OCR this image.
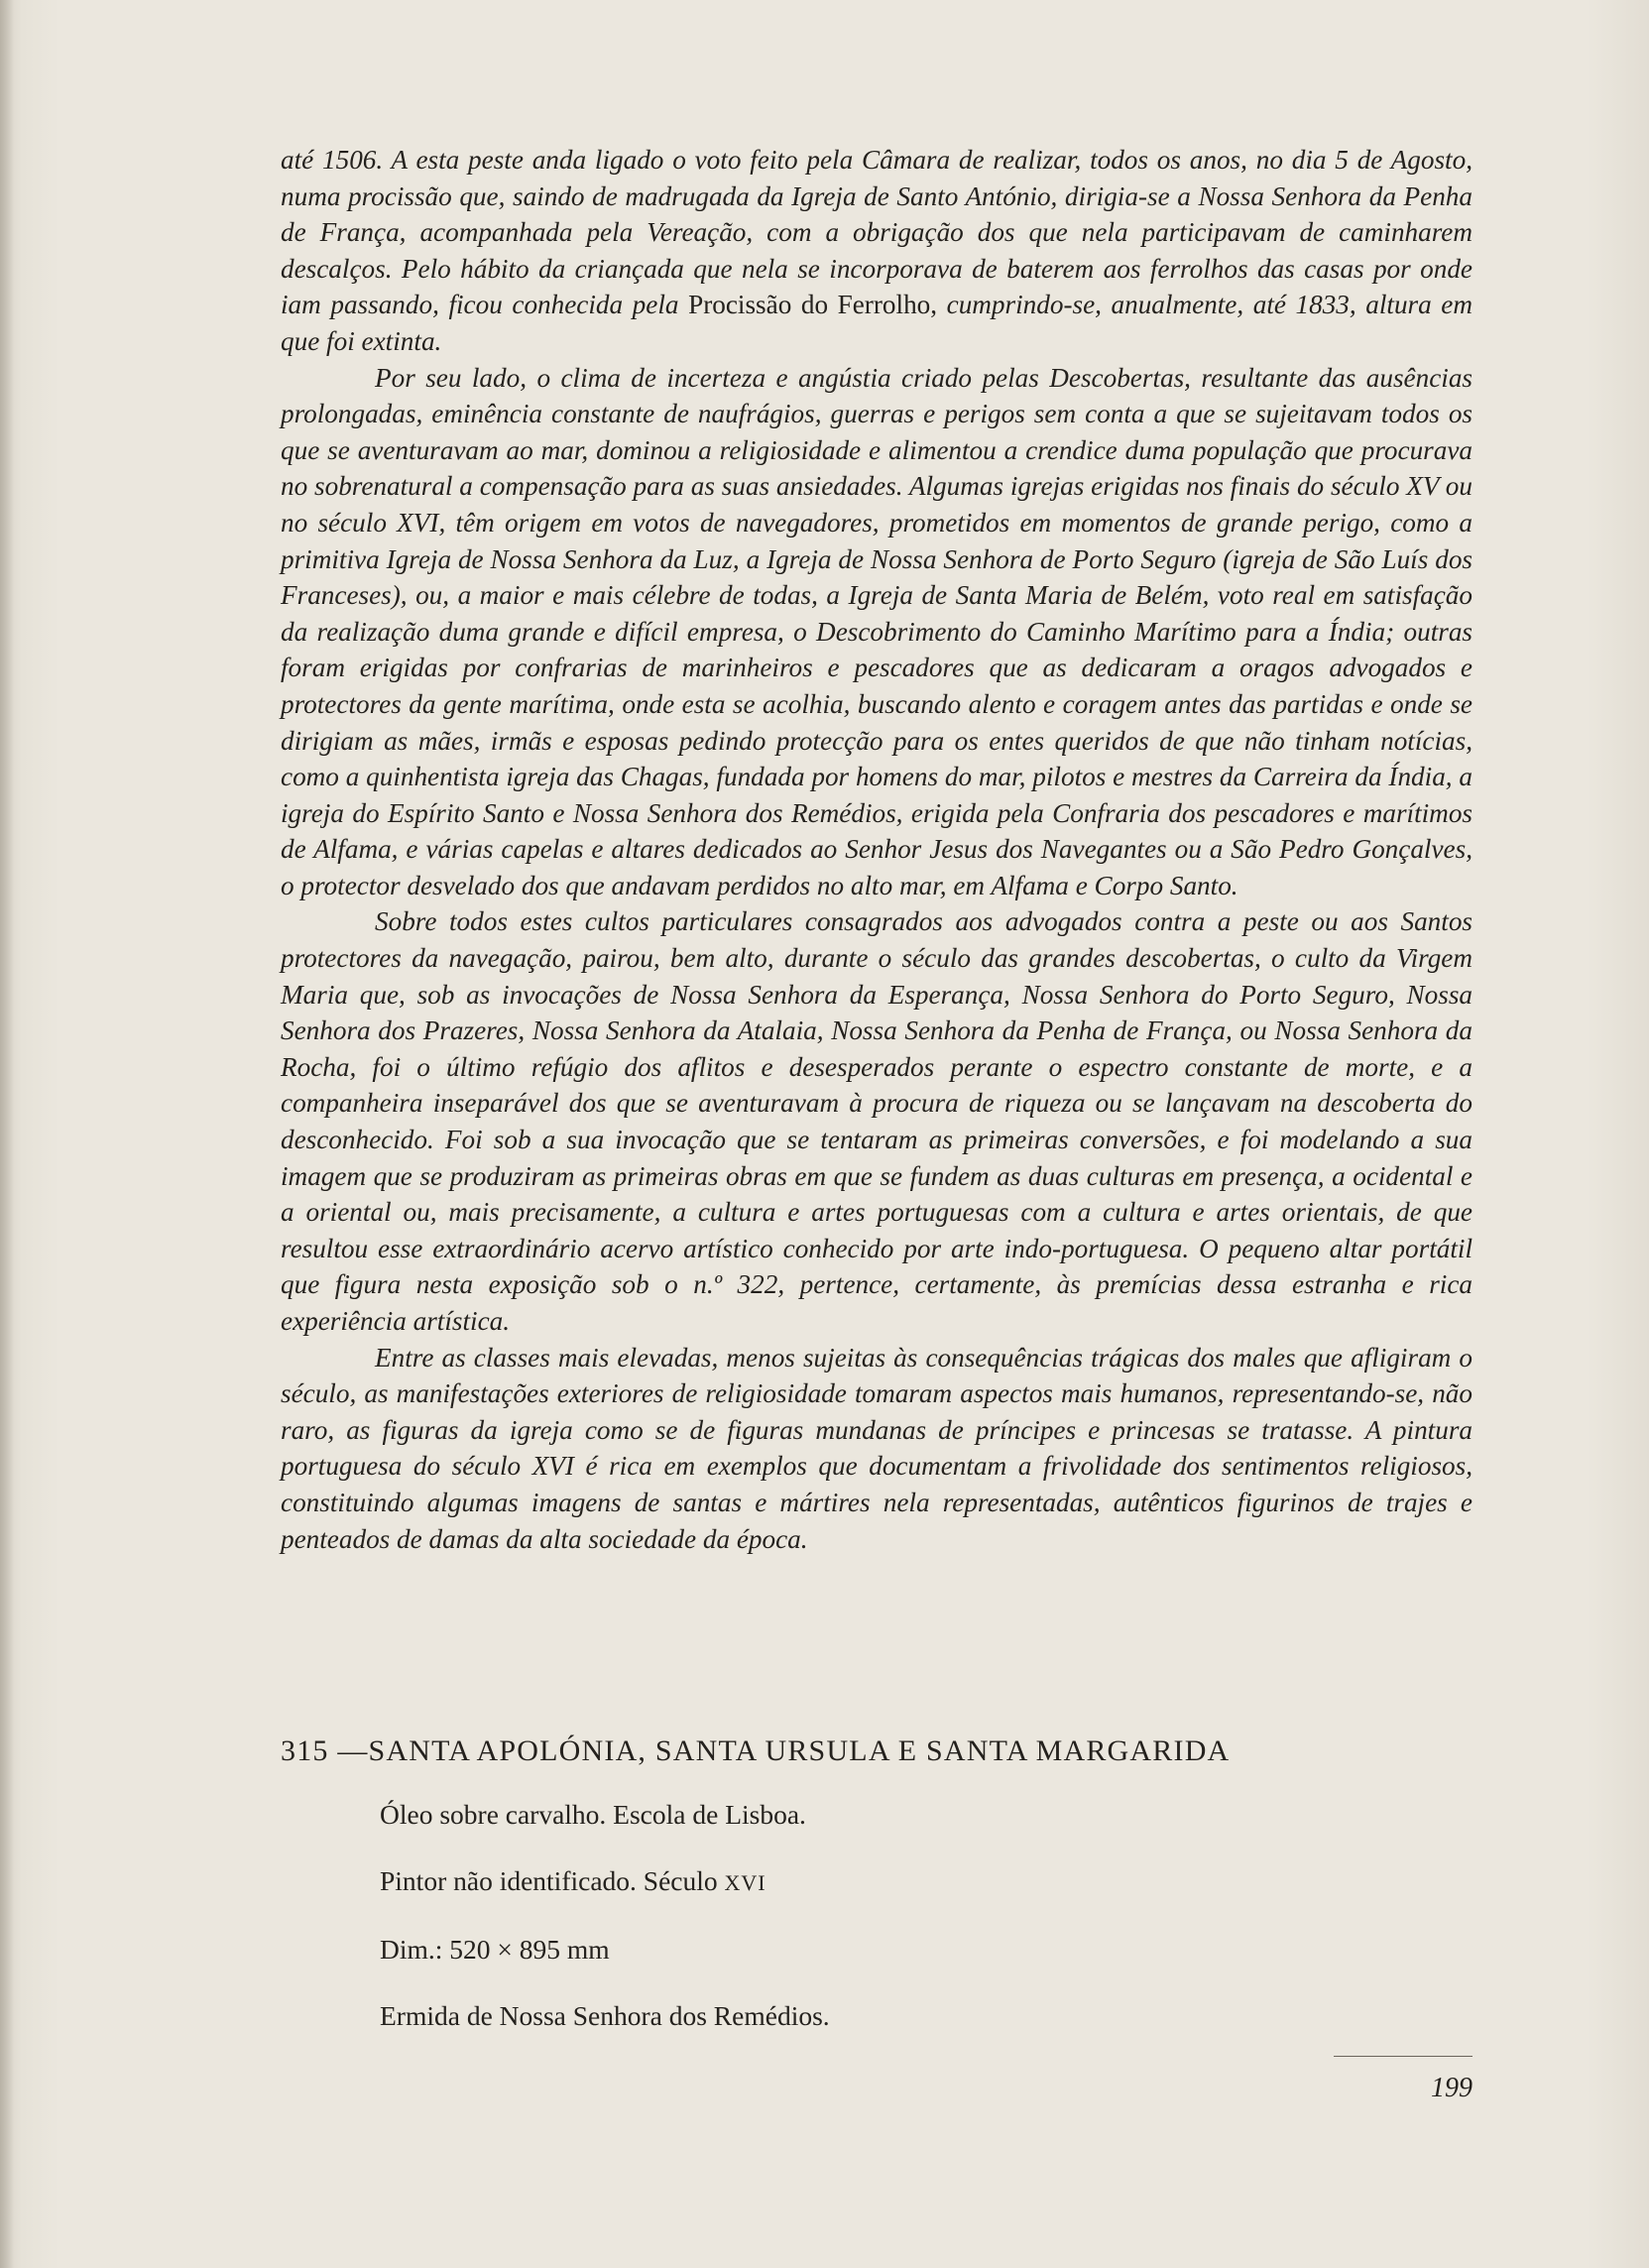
até 1506. A esta peste anda ligado o voto feito pela Câmara de realizar, todos os anos, no dia 5 de Agosto, numa procissão que, saindo de madrugada da Igreja de Santo António, dirigia-se a Nossa Senhora da Penha de França, acompanhada pela Vereação, com a obrigação dos que nela participavam de caminharem descalços. Pelo hábito da criançada que nela se incorporava de baterem aos ferrolhos das casas por onde iam passando, ficou conhecida pela Procissão do Ferrolho, cumprindo-se, anualmente, até 1833, altura em que foi extinta.

Por seu lado, o clima de incerteza e angústia criado pelas Descobertas, resultante das ausências prolongadas, eminência constante de naufrágios, guerras e perigos sem conta a que se sujeitavam todos os que se aventuravam ao mar, dominou a religiosidade e alimentou a crendice duma população que procurava no sobrenatural a compensação para as suas ansiedades. Algumas igrejas erigidas nos finais do século XV ou no século XVI, têm origem em votos de navegadores, prometidos em momentos de grande perigo, como a primitiva Igreja de Nossa Senhora da Luz, a Igreja de Nossa Senhora de Porto Seguro (igreja de São Luís dos Franceses), ou, a maior e mais célebre de todas, a Igreja de Santa Maria de Belém, voto real em satisfação da realização duma grande e difícil empresa, o Descobrimento do Caminho Marítimo para a Índia; outras foram erigidas por confrarias de marinheiros e pescadores que as dedicaram a oragos advogados e protectores da gente marítima, onde esta se acolhia, buscando alento e coragem antes das partidas e onde se dirigiam as mães, irmãs e esposas pedindo protecção para os entes queridos de que não tinham notícias, como a quinhentista igreja das Chagas, fundada por homens do mar, pilotos e mestres da Carreira da Índia, a igreja do Espírito Santo e Nossa Senhora dos Remédios, erigida pela Confraria dos pescadores e marítimos de Alfama, e várias capelas e altares dedicados ao Senhor Jesus dos Navegantes ou a São Pedro Gonçalves, o protector desvelado dos que andavam perdidos no alto mar, em Alfama e Corpo Santo.

Sobre todos estes cultos particulares consagrados aos advogados contra a peste ou aos Santos protectores da navegação, pairou, bem alto, durante o século das grandes descobertas, o culto da Virgem Maria que, sob as invocações de Nossa Senhora da Esperança, Nossa Senhora do Porto Seguro, Nossa Senhora dos Prazeres, Nossa Senhora da Atalaia, Nossa Senhora da Penha de França, ou Nossa Senhora da Rocha, foi o último refúgio dos aflitos e desesperados perante o espectro constante de morte, e a companheira inseparável dos que se aventuravam à procura de riqueza ou se lançavam na descoberta do desconhecido. Foi sob a sua invocação que se tentaram as primeiras conversões, e foi modelando a sua imagem que se produziram as primeiras obras em que se fundem as duas culturas em presença, a ocidental e a oriental ou, mais precisamente, a cultura e artes portuguesas com a cultura e artes orientais, de que resultou esse extraordinário acervo artístico conhecido por arte indo-portuguesa. O pequeno altar portátil que figura nesta exposição sob o n.º 322, pertence, certamente, às premícias dessa estranha e rica experiência artística.

Entre as classes mais elevadas, menos sujeitas às consequências trágicas dos males que afligiram o século, as manifestações exteriores de religiosidade tomaram aspectos mais humanos, representando-se, não raro, as figuras da igreja como se de figuras mundanas de príncipes e princesas se tratasse. A pintura portuguesa do século XVI é rica em exemplos que documentam a frivolidade dos sentimentos religiosos, constituindo algumas imagens de santas e mártires nela representadas, autênticos figurinos de trajes e penteados de damas da alta sociedade da época.

315 —SANTA APOLÓNIA, SANTA URSULA E SANTA MARGARIDA
Óleo sobre carvalho. Escola de Lisboa.
Pintor não identificado. Século XVI
Dim.: 520 × 895 mm
Ermida de Nossa Senhora dos Remédios.
199
